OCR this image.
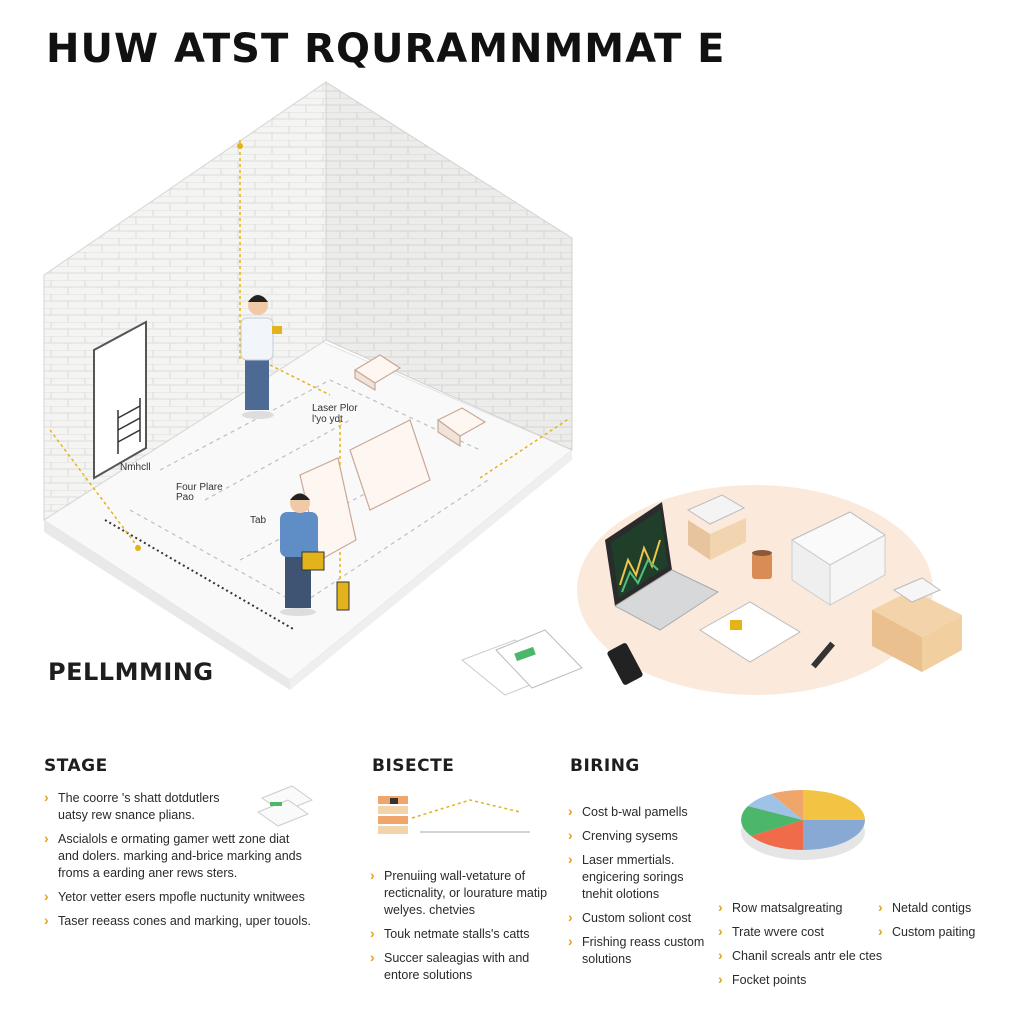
HUW ATST RQURAMNMMAT E
Laser Plor
l'yo ydt
Four Plare
Pao
Tab
Nmhcll
PELLMMING
STAGE
› The coorre 's shatt dotdutlers uatsy rew snance plians.
› Ascialols e ormating gamer wett zone diat and dolers. marking and-brice marking ands froms a earding aner rews sters.
› Yetor vetter esers mpofle nuctunity wnitwees
› Taser reeass cones and marking, uper touols.
BISECTE
› Prenuiing wall-vetature of recticnality, or lourature matip welyes. chetvies
› Touk netmate stalls's catts
› Succer saleagias with and entore solutions
BIRING
› Cost b-wal pamells
› Crenving sysems
› Laser mmertials. engicering sorings tnehit olotions
› Custom soliont cost
› Frishing reass custom solutions
› Row matsalgreating
› Trate wvere cost
› Chanil screals antr ele ctes
› Focket points
› Netald contigs
› Custom paiting
